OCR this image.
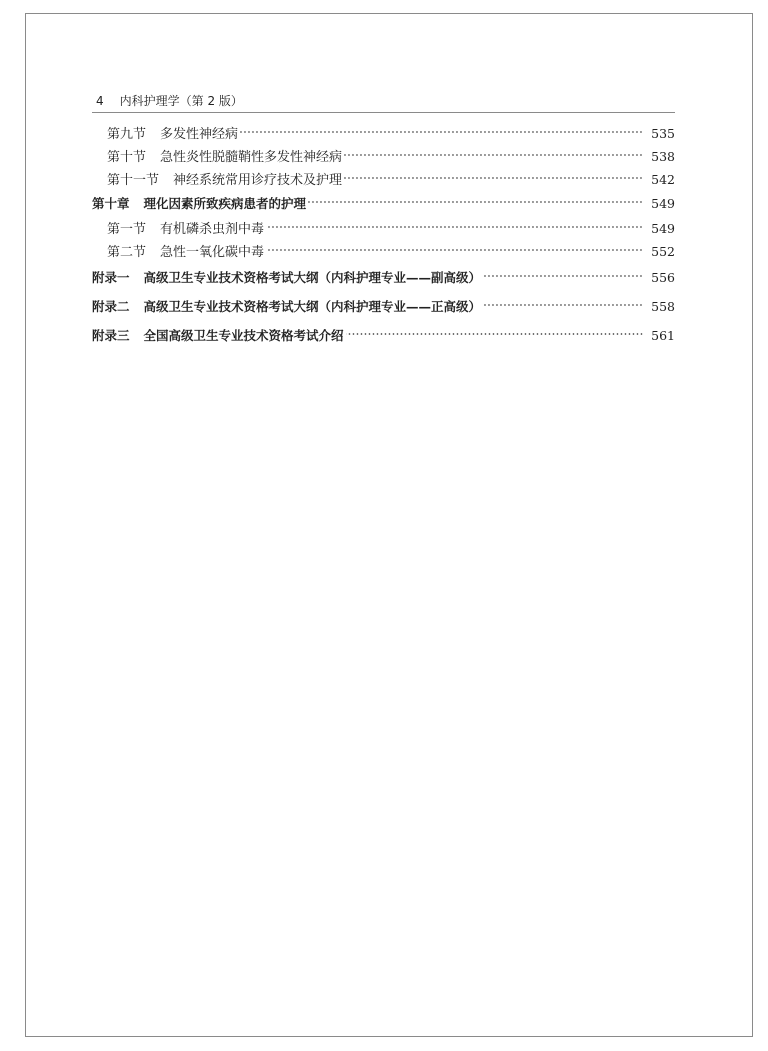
4 内科护理学（第 2 版）
第九节 多发性神经病	535
第十节 急性炎性脱髓鞘性多发性神经病	538
第十一节 神经系统常用诊疗技术及护理	542
第十章 理化因素所致疾病患者的护理	549
第一节 有机磷杀虫剂中毒	549
第二节 急性一氧化碳中毒	552
附录一 高级卫生专业技术资格考试大纲（内科护理专业——副高级）	556
附录二 高级卫生专业技术资格考试大纲（内科护理专业——正高级）	558
附录三 全国高级卫生专业技术资格考试介绍	561
